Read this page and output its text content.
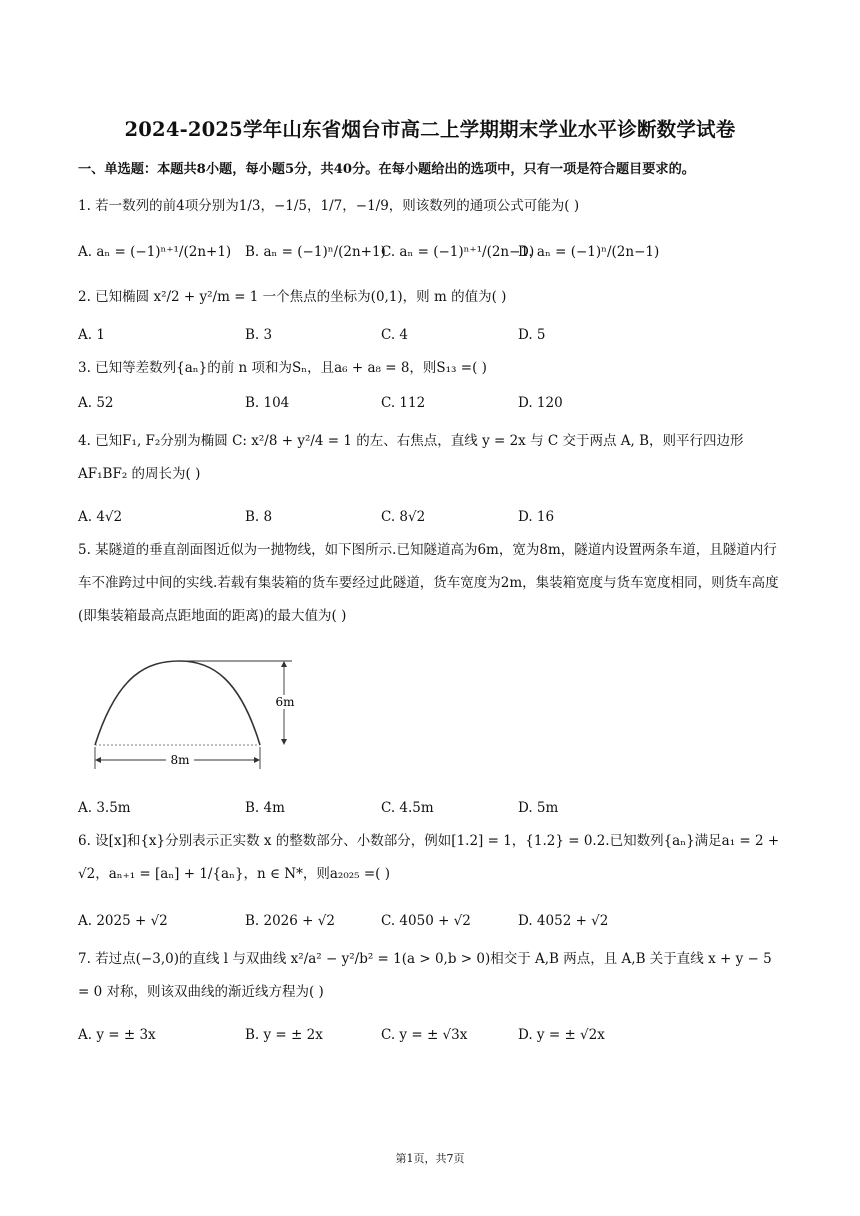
2024-2025学年山东省烟台市高二上学期期末学业水平诊断数学试卷
一、单选题：本题共8小题，每小题5分，共40分。在每小题给出的选项中，只有一项是符合题目要求的。
1. 若一数列的前4项分别为1/3，−1/5，1/7，−1/9，则该数列的通项公式可能为( )
A. aₙ = (−1)ⁿ⁺¹/(2n+1) B. aₙ = (−1)ⁿ/(2n+1)
C. aₙ = (−1)ⁿ⁺¹/(2n−1)
D. aₙ = (−1)ⁿ/(2n−1)
2. 已知椭圆 x²/2 + y²/m = 1 一个焦点的坐标为(0,1)，则 m 的值为( )
A. 1	B. 3	C. 4	D. 5
3. 已知等差数列{aₙ}的前 n 项和为Sₙ，且a₆ + a₈ = 8，则S₁₃ =( )
A. 52	B. 104	C. 112	D. 120
4. 已知F₁, F₂分别为椭圆 C: x²/8 + y²/4 = 1 的左、右焦点，直线 y = 2x 与 C 交于两点 A, B，则平行四边形 AF₁BF₂ 的周长为( )
A. 4√2	B. 8	C. 8√2	D. 16
5. 某隧道的垂直剖面图近似为一抛物线，如下图所示.已知隧道高为6m，宽为8m，隧道内设置两条车道，且隧道内行车不准跨过中间的实线.若载有集装箱的货车要经过此隧道，货车宽度为2m，集装箱宽度与货车宽度相同，则货车高度(即集装箱最高点距地面的距离)的最大值为( )
6m
8m
A. 3.5m	B. 4m	C. 4.5m	D. 5m
6. 设[x]和{x}分别表示正实数 x 的整数部分、小数部分，例如[1.2] = 1，{1.2} = 0.2.已知数列{aₙ}满足a₁ = 2 + √2，aₙ₊₁ = [aₙ] + 1/{aₙ}，n ∈ N*，则a₂₀₂₅ =( )
A. 2025 + √2	B. 2026 + √2	C. 4050 + √2	D. 4052 + √2
7. 若过点(−3,0)的直线 l 与双曲线 x²/a² − y²/b² = 1(a > 0,b > 0)相交于 A,B 两点，且 A,B 关于直线 x + y − 5 = 0 对称，则该双曲线的渐近线方程为( )
A. y = ± 3x	B. y = ± 2x	C. y = ± √3x	D. y = ± √2x
第1页，共7页
